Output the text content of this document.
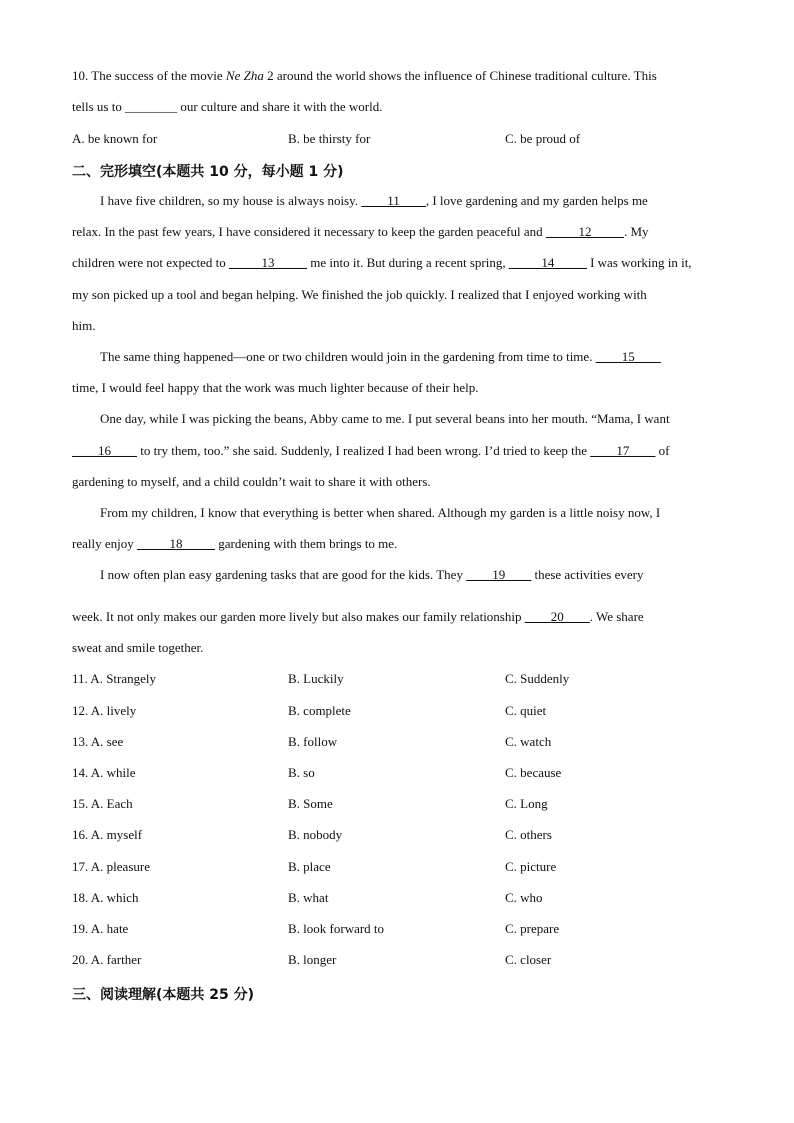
10. The success of the movie Ne Zha 2 around the world shows the influence of Chinese traditional culture. This
tells us to ________ our culture and share it with the world.
A. be known for	B. be thirsty for	C. be proud of
二、完形填空(本题共 10 分，每小题 1 分)
I have five children, so my house is always noisy. ____11____, I love gardening and my garden helps me
relax. In the past few years, I have considered it necessary to keep the garden peaceful and _____12_____. My
children were not expected to _____13_____ me into it. But during a recent spring, _____14_____ I was working in it,
my son picked up a tool and began helping. We finished the job quickly. I realized that I enjoyed working with
him.
The same thing happened—one or two children would join in the gardening from time to time. ____15____
time, I would feel happy that the work was much lighter because of their help.
One day, while I was picking the beans, Abby came to me. I put several beans into her mouth. “Mama, I want
____16____ to try them, too.” she said. Suddenly, I realized I had been wrong. I’d tried to keep the ____17____ of
gardening to myself, and a child couldn’t wait to share it with others.
From my children, I know that everything is better when shared. Although my garden is a little noisy now, I
really enjoy _____18_____ gardening with them brings to me.
I now often plan easy gardening tasks that are good for the kids. They ____19____ these activities every
week. It not only makes our garden more lively but also makes our family relationship ____20____. We share
sweat and smile together.
11. A. Strangely	B. Luckily	C. Suddenly
12. A. lively	B. complete	C. quiet
13. A. see	B. follow	C. watch
14. A. while	B. so	C. because
15. A. Each	B. Some	C. Long
16. A. myself	B. nobody	C. others
17. A. pleasure	B. place	C. picture
18. A. which	B. what	C. who
19. A. hate	B. look forward to	C. prepare
20. A. farther	B. longer	C. closer
三、阅读理解(本题共 25 分)
